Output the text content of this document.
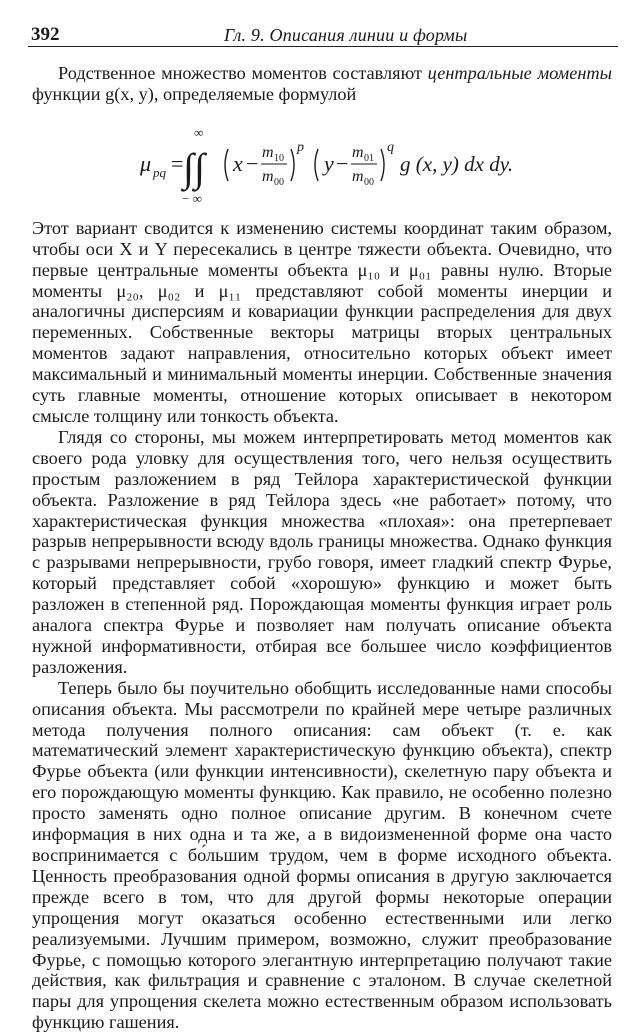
392	Гл. 9. Описания линии и формы

Родственное множество моментов составляют центральные моменты функции g(x, y), определяемые формулой

μ pq =
∞
∫∫
− ∞
x − m 10
m 00
p
y − m 01
m 00
q
g (x, y) dx dy.

Этот вариант сводится к изменению системы координат таким образом, чтобы оси X и Y пересекались в центре тяжести объекта. Очевидно, что первые центральные моменты объекта μ₁₀ и μ₀₁ равны нулю. Вторые моменты μ₂₀, μ₀₂ и μ₁₁ представляют собой моменты инерции и аналогичны дисперсиям и ковариации функции распределения для двух переменных. Собственные векторы матрицы вторых центральных моментов задают направления, относительно которых объект имеет максимальный и минимальный моменты инерции. Собственные значения суть главные моменты, отношение которых описывает в некотором смысле толщину или тонкость объекта.

Глядя со стороны, мы можем интерпретировать метод моментов как своего рода уловку для осуществления того, чего нельзя осуществить простым разложением в ряд Тейлора характеристической функции объекта. Разложение в ряд Тейлора здесь «не работает» потому, что характеристическая функция множества «плохая»: она претерпевает разрыв непрерывности всюду вдоль границы множества. Однако функция с разрывами непрерывности, грубо говоря, имеет гладкий спектр Фурье, который представляет собой «хорошую» функцию и может быть разложен в степенной ряд. Порождающая моменты функция играет роль аналога спектра Фурье и позволяет нам получать описание объекта нужной информативности, отбирая все большее число коэффициентов разложения.

Теперь было бы поучительно обобщить исследованные нами способы описания объекта. Мы рассмотрели по крайней мере четыре различных метода получения полного описания: сам объект (т. е. как математический элемент характеристическую функцию объекта), спектр Фурье объекта (или функции интенсивности), скелетную пару объекта и его порождающую моменты функцию. Как правило, не особенно полезно просто заменять одно полное описание другим. В конечном счете информация в них одна и та же, а в видоизмененной форме она часто воспринимается с бо́льшим трудом, чем в форме исходного объекта. Ценность преобразования одной формы описания в другую заключается прежде всего в том, что для другой формы некоторые операции упрощения могут оказаться особенно естественными или легко реализуемыми. Лучшим примером, возможно, служит преобразование Фурье, с помощью которого элегантную интерпретацию получают такие действия, как фильтрация и сравнение с эталоном. В случае скелетной пары для упрощения скелета можно естественным образом использовать функцию гашения.
